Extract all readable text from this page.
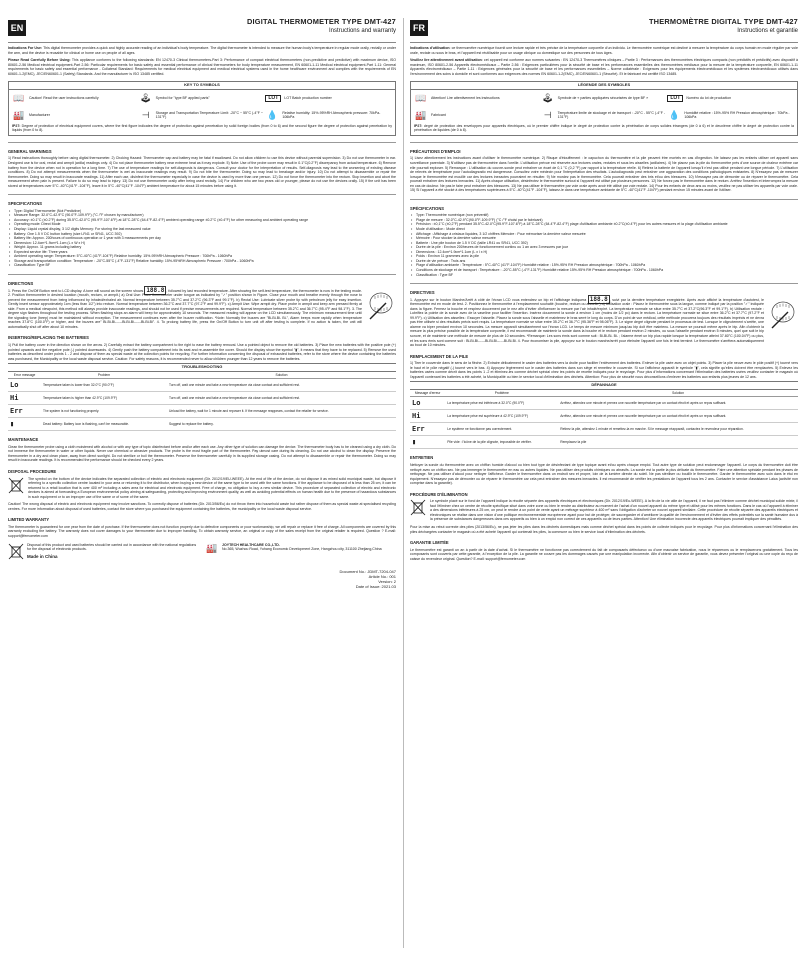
EN
DIGITAL THERMOMETER TYPE DMT-427
Instructions and warranty

Indications For Use: This digital thermometer provides a quick and highly accurate reading of an individual's body temperature. The digital thermometer is intended to measure the human body's temperature in regular mode orally, rectally or under the arm, and the device is reusable for clinical or home use on people of all ages.

Please Read Carefully Before Using: This appliance conforms to the following standards: EN 12470-3 Clinical thermometers-Part 3: Performance of compact electrical thermometers (non-predictive and predictive) with maximum device, ISO 80601-2-56 Medical electrical equipment-Part 2-56: Particular requirements for basic safety and essential performance of clinical thermometers for body temperature measurement, EN 60601-1-11 Medical electrical equipment-Part 1-11: General requirements for basic safety and essential performance - Collateral Standard: Requirements for medical electrical equipment and medical electrical systems used in the home healthcare environment and complies with the requirements of EN 60601-1-2(EMC), JEC/EN60601-1 (Safety) Standards. And the manufacturer is ISO 13485 certified.

KEY TO SYMBOLS
📖	Caution! Read the user instructions carefully	🕹	Symbol for "type BF applied parts"	LOT	LOT Batch production number
🏭	Manufacturer	⊣	Storage and Transportation Temperature Limit: -20°C ~ 55°C (-4°F ~ 131°F)	💧	Relative humidity: 15%-95%RH Atmospheric pressure: 70kPa-106kPa
IP27: Degree of protection of electrical equipment covers, where the first figure indicates the degree of protection against penetration by solid foreign bodies (from 0 to 6) and the second figure the degree of protection against penetration by liquids (from 0 to 8).
GENERAL WARNINGS

1) Read instructions thoroughly before using digital thermometer. 2) Choking Hazard: Thermometer cap and battery may be fatal if swallowed. Do not allow children to use this device without parental supervision. 3) Do not use thermometer in ear. Designed use is for oral, rectal and armpit (axilla) readings only. 4) Do not place thermometer battery near extreme heat as it may explode. 5) Note: Use of the probe cover may result in 0.1°C(0.2°F) discrepancy from actual temperature. 6) Remove battery from the device when not in operation for a long time. 7) The use of temperature readings for self-diagnosis is dangerous. Consult your doctor for the interpretation of results. Self-diagnosis may lead to the worsening of existing disease conditions. 8) Do not attempt measurements when the thermometer is wet as inaccurate readings may result. 9) Do not bite the thermometer. Doing so may lead to breakage and/or injury. 10) Do not attempt to disassemble or repair the thermometer. Doing so may result in inaccurate readings. 11) After each use, disinfect the thermometer especially in case the device is used by more than one person. 12) Do not force the thermometer into the rectum. Stop insertion and abort the measurement when pain is present. Failure to do so may lead to injury. 13) Do not use thermometer orally after being used rectally. 14) For children who are two years old or younger, please do not use the devices orally. 15) If the unit has been stored at temperatures over 5°C -40°C(41°F -104°F), leave it in 5°C -40°C(41°F -104°F) ambient temperature for about 15 minutes before using it.

SPECIFICATIONS
• Type: Digital Thermometer (Not Predictive)
• Measure Range: 32.0°C-42.9°C (90.0°F-109.9°F) (°C /°F chosen by manufacturer)
• Accuracy: ±0.1°C (±0.2°F) during 35.5°C-42.0°C (95.9°F-107.6°F) at 18°C-28°C (64.4°F-82.4°F) ambient operating range ±0.2°C (±0.4°F) for other measuring and ambient operating range
• Operating mode: Direct Mode
• Display: Liquid crystal display, 3 1/2 digits Memory: For storing the last measured value
• Battery: One 1.5 V DC button battery (size LR41 or SR41, UCC 392)
• Battery life: Approx. 200hours of continuous operation or 1 year with 3 measurements per day
• Dimension: 12.4cm*1.9cm*1.1cm (L x W x H)
• Weight: Approx. 11 grams including battery
• Expected service life: Three years
• Ambient operating range: Temperature: 5°C-40°C (41°F-104°F) Relative humidity: 15%-95%RH Atmospheric Pressure : 700hPa - 1060hPa
• Storage and transportation condition: Temperature : -20°C-55°C (-4°F-131°F) Relative humidity: 15%-95%RH Atmospheric Pressure : 700hPa - 1060hPa
• Classification: Type BF
DIRECTIONS

1. Press the On/Off Button next to LCD display. A tone will sound as the screen shows 188.8 , followed by last recorded temperature. After showing the self-test temperature, the thermometer is now in the testing mode. 2. Position thermometer in desired location (mouth, rectum, or armpit.) a) Oral Use: Place thermometer under tongue as indicated by "✓" position shown in Figure. Close your mouth and breathe evenly through the nose to prevent the measurement from being influenced by inhaled/exhaled air. Normal temperature between 35.7°C and 37.2°C (96.3°F and 99.1°F). b) Rectal Use: Lubricate silver probe tip with petroleum jelly for easy insertion. Gently insert sensor approximately 1cm (less than 1/2") into rectum. Normal temperature between 36.2°C and 37.7°C (97.2°F and 99.9°F). c) Armpit Use: Wipe armpit dry. Place probe in armpit and keep arm pressed firmly at side. From a medical viewpoint, this method will always provide inaccurate readings, and should not be used if precise measurements are required. Normal temperature between 35.2°C and 36.7°C (95.4°F and 98.1°F). 3. The degree sign flashes throughout the testing process. When flashing stops an alarm will beep for approximately 10 seconds. The measured reading will appear on the LCD simultaneously. The minimum measurement time until the signaling tone (beep) must be maintained without exception. The measurement continues even after the buzzer notification. *Note: Normally the buzzes are "Bi-Bi-Bi- Bi-", Alarm beeps more rapidly when temperature reaches 37.8°C (100.0°F) or higher, and the buzzes are" Bi-Bi-Bi------Bi-Bi-Bi------Bi-Bi-Bi". 4. To prolong battery life, press the On/Off Button to turn unit off after testing is complete. If no action is taken, the unit will automatically shut off after about 10 minutes.

INSERTING/REPLACING THE BATTERIES

1) Pull the battery cover in the direction shown on the arrow. 2) Carefully extract the battery compartment to the right to ease the battery removal. Use a pointed object to remove the old batteries. 3) Place the new batteries with the positive pole (+) pointed upwards and the negative pole (-) pointed downwards. 4) Gently push the battery compartment into its seat and re-assemble the cover. Should the display show the symbol "▮", it means that they have to be replaced. 5) Remove the used batteries as described under points 1 - 2 and dispose of them as special waste at the collection points for recycling. For further information concerning the disposal of exhausted batteries, refer to the store where the device containing the batteries was purchased, the Municipality or the local waste disposal service. Caution: For safety reasons, it is recommended never to allow children younger than 12 years to remove the batteries.

TROUBLESHOOTING
Error message	Problem	Solution
Lo	Temperature taken is lower than 32.0°C (90.0°F)	Turn off, wait one minute and take a new temperature via close contact and sufficient rest.
Hi	Temperature taken is higher than 42.9°C (109.9°F)	Turn off, wait one minute and take a new temperature via close contact and sufficient rest.
Err	The system is not functioning properly.	Unload the battery, wait for 1 minute and repower it. If the message reappears, contact the retailer for service.
▮	Dead battery: Battery icon is flashing, can't be measurable.	Suggest to replace the battery.
MAINTENANCE

Clean the thermometer probe using a cloth moistened with alcohol or with any type of topic disinfectant before and/or after each use. Any other type of solution can damage the device. The thermometer body has to be cleaned using a dry cloth. Do not immerse the thermometer in water or other liquids. Never use chemical or abrasive products. The probe is the most fragile part of the thermometer. Pay utmost care during its cleaning. Do not use alcohol to clean the display. Preserve the thermometer in a dry and clean place, away from direct sunlight. Do not sterilize or boil the thermometer. Preserve the thermometer carefully in its supplied storage casing. Do not attempt to disassemble or repair the thermometer. Doing so may result in inaccurate readings. It is recommended the performance should be checked every 2 years.

DISPOSAL PROCEDURE

The symbol on the bottom of the device indicates the separated collection of electric and electronic equipment (Dir. 2012/19/EU-WEEE). At the end of life of the device, do not dispose it as mixed solid municipal waste, but dispose it referring to a specific collection centre located in your area or returning it to the distributor, when buying a new device of the same type to be used with the same functions. If the appliance to be disposed of is less than 25 cm, it can be returned to a retail location that is over 400 m² including a sales area for electrical and electronic equipment. Free of charge, no obligation to buy a new similar device. This procedure of separated collection of electric and electronic devices is aimed at forecasting a European environmental policy aiming at safeguarding, protecting and improving environment quality, as well as avoiding potential effects on human health due to the presence of hazardous substances in such equipment or to an improper use of the same or of some of the same.

Caution! The wrong disposal of electric and electronic equipment may involve sanctions. To correctly dispose of batteries (Dir. 2013/56/Eu) do not throw them into household waste but rather dispose of them as special waste at specialised recycling centres. For more information about disposal of used batteries, contact the store where you purchased the equipment containing the batteries, the municipality or the local waste disposal service.

LIMITED WARRANTY

The thermometer is guaranteed for one year from the date of purchase. If the thermometer does not function properly due to defective components or poor workmanship, we will repair or replace it free of charge. All components are covered by this warranty excluding the battery. The warranty does not cover damages to your thermometer due to improper handling. To obtain warranty service, an original or copy of the sales receipt from the original retailer is required. Question ? E-mail: support@femometer.com

Disposal of this product and used batteries should be carried out in accordance with the national regulations for the disposal of electronic products.
Made in China
🏭	JOYTECH HEALTHCARE CO.,LTD.
No.365, Wuzhou Road, Yuhang Economic Development Zone, Hangzhou city, 311100 Zhejiang,China
Document No.: JDMT-7204-047
Article No.: 001
Version: 2
Date of Issue: 2021.03
FR
THERMOMÈTRE DIGITAL TYPE DMT-427
Instructions et garantie

Indications d'utilisation: ce thermomètre numérique fournit une lecture rapide et très précise de la température corporelle d'un individu. Le thermomètre numérique est destiné à mesurer la température du corps humain en mode régulier par voie orale, rectale ou sous le bras, et l'appareil est réutilisable pour un usage clinique ou domestique sur des personnes de tous âges.

Veuillez lire attentivement avant utilisation: cet appareil est conforme aux normes suivantes : EN 12470-3 Thermomètres cliniques – Partie 3 : Performances des thermomètres électriques compacts (non prédictifs et prédictifs) avec dispositif à maximum, ISO 80601-2-56 Appareils électromédicaux – Partie 2-56 : Exigences particulières pour la sécurité de base et les performances essentielles des thermomètres médicaux pour la mesure de la température corporelle, EN 60601-1-11 Appareils électromédicaux – Partie 1-11 : Exigences générales pour la sécurité de base et les performances essentielles – Norme collatérale : Exigences pour les équipements électromédicaux et les systèmes électromédicaux utilisés dans l'environnement des soins à domicile et sont conformes aux exigences des normes EN 60601-1-2(EMC), JEC/EN60601-1 (Sécurité). Et le fabricant est certifié ISO 13485.

LÉGENDE DES SYMBOLES
📖	Attention! Lire attentivement les instructions	🕹	Symbole de « parties appliquées sécurisées de type BF »	LOT	Numéro du lot de production
🏭	Fabricant	⊣	Température limite de stockage et de transport : -20°C - 55°C (-4°F - 131°F)	💧	Humidité relative : 15%-95% RH Pression atmosphérique : 70kPa - 106kPa
IP27: degré de protection des enveloppes pour appareils électriques, où le premier chiffre indique le degré de protection contre la pénétration de corps solides étrangers (de 0 à 6) et le deuxième chiffre le degré de protection contre la pénétration de liquides (de 0 à 8).
PRÉCAUTIONS D'EMPLOI

1) Lisez attentivement les instructions avant d'utiliser le thermomètre numérique. 2) Risque d'étouffement : le capuchon du thermomètre et la pile peuvent être mortels en cas d'ingestion. Ne laissez pas les enfants utiliser cet appareil sans surveillance parentale. 3) N'utilisez pas de thermomètre dans l'oreille. L'utilisation prévue est réservée aux lectures orales, rectales et sous les aisselles (axillaires). 4) Ne placez pas la pile du thermomètre près d'une source de chaleur extrême car elle pourrait exploser. 5) Remarque : L'utilisation du couvre-sonde peut entraîner un écart de 0,1 °C (0,2 °F) par rapport à la température réelle. 6) Retirez la batterie de l'appareil lorsqu'il n'est pas utilisé pendant une longue période. 7) L'utilisation de relevés de température pour l'autodiagnostic est dangereuse. Consultez votre médecin pour l'interprétation des résultats. L'autodiagnostic peut entraîner une aggravation des conditions pathologiques existantes. 8) N'essayez pas de mesurer lorsque le thermomètre est mouillé car des lectures inexactes pourraient en résulter. 9) Ne mordez pas le thermomètre. Cela pourrait entraîner des bris et/ou des blessures. 10) N'essayez pas de démonter ou de réparer le thermomètre. Cela pourrait entraîner des lectures inexactes. 11) Après chaque utilisation, désinfectez le thermomètre surtout si l'appareil est utilisé par plusieurs personnes. 12) Ne forcez pas le thermomètre dans le rectum. Arrêtez l'insertion et interrompez la mesure en cas de douleur. Ne pas le faire peut entraîner des blessures. 13) Ne pas utiliser le thermomètre par voie orale après avoir été utilisé par voie rectale. 14) Pour les enfants de deux ans ou moins, veuillez ne pas utiliser les appareils par voie orale. 15) Si l'appareil a été stocké à des températures supérieures à 5°C -40°C(41°F -104°F), laissez-le dans une température ambiante de 5°C -40°C(41°F -104°F) pendant environ 15 minutes avant de l'utiliser.

SPÉCIFICATIONS
• Type: Thermomètre numérique (non préventif)
• Plage de mesure : 32.0°C-42.9°C(90.0°F-109.9°F) (°C /°F choisi par le fabricant)
• Précision : ±0,1°C (±0,2°F) pendant 35.5°C-42.0°C(95.9°F-107.6°F) à 18°C-28°C (64.4°F-82.4°F) plage d'utilisation ambiante ±0.2°C(±0.4°F) pour les autres mesures et la plage d'utilisation ambiante
• Mode d'utilisation : Mode direct
• Affichage : Affichage à cristaux liquides, 3 1/2 chiffres Mémoire : Pour mémoriser la dernière valeur mesurée
• Mémoire : Pour stocker la dernière valeur mesurée
• Batterie : Une pile bouton de 1.5 V DC (taille LR41 ou SR41, UCC 392)
• Durée de la pile : Environ 200heures de fonctionnement continu ou 1 an avec 3 mesures par jour
• Dimensions : 12.4cm*1.9cm*1.1cm (L x l x H)
• Poids : Environ 11 grammes avec la pile
• Durée de vie prévue : Trois ans
• Plage d'utilisation ambiante : Température : 5°C-40°C (41°F-104°F) Humidité relative : 15%-95% RH Pression atmosphérique : 700hPa - 1060hPa
• Conditions de stockage et de transport : Température : -20°C-55°C (-4°F-131°F) Humidité relative 15%-95% RH Pression atmosphérique : 700hPa - 1060hPa
• Classification : Type BF
DIRECTIVES

1. Appuyez sur le bouton Marche/Arrêt à côté de l'écran LCD vous entendrez un bip et l'affichage indiquera 188.8 , suivi par la dernière température enregistrée. Après avoir affiché la température d'autotest, le thermomètre est en mode de test. 2. Positionnez le thermomètre à l'emplacement souhaité (bouche, rectum ou aisselle.) a) Utilisation orale : Placez le thermomètre sous la langue, comme indiqué par la position "✓" indiquée dans la figure. Fermez la bouche et respirez doucement par le nez afin d'éviter d'influencer la mesure par l'air inhalé/expiré. La température normale se situe entre 35.7°C et 37.2°C(96.3°F et 99.1°F). b) Utilisation rectale : Lubrifiez la pointe de la sonde avec de la vaseline pour faciliter l'insertion. Insérez doucement la sonde à environ 1 cm (moins de 1/2 po) dans le rectum. La température normale se situe entre 36.2°C et 37.7°C (97.2°F et 99.9°F). c) Utilisation des aisselles : Essuyer l'aisselle. Placez la sonde sous l'aisselle et maintenez le bras serré le long du corps. D'un point de vue médical, cette méthode procurera toujours des résultats imprécis et ne devra pas être utilisée si des résultats précis sont requis. La température normale se situe entre 35.2°C et 36.7°C (95.36°F et 98.06°F). 3. Le signe degré clignote pendant le processus de test. Lorsque le clignotement s'arrête, une alarme va biper pendant environ 10 secondes. La mesure apparaît simultanément sur l'écran LCD. Le temps de mesure minimum jusqu'au bip doit être maintenu. La mesure se poursuit même après le bip. Afin d'obtenir la mesure la plus précise possible de la température corporelle, il est recommandé de maintenir la sonde dans la bouche et le rectum pendant environ 2 minutes, ou sous l'aisselle pendant environ 5 minutes, quel que soit le bip sonore, et de maintenir une méthode de mesure de plus de 10 secondes. *Remarque: Les sons émis sont comme suit : Bi-Bi-Bi- Bi- ; l'alarme émet un bip plus rapide lorsque la température atteint 37.80°C (100.04°F) ou plus, et les sons émis sont comme suit : Bi-Bi-Bi------Bi-Bi-Bi------Bi-Bi-Bi. 4. Pour économiser la pile, appuyez sur le bouton marche/arrêt pour éteindre l'appareil une fois le test terminé. Le thermomètre s'arrêtera automatiquement au bout de 10 minutes.

REMPLACEMENT DE LA PILE

1) Tirer le couvercle dans le sens de la flèche. 2) Extraire délicatement le casier des batteries vers la droite pour faciliter l'enlèvement des batteries. Enlever la pile usée avec un objet pointu. 3) Placer la pile neuve avec le pôle positif (+) tourné vers le haut et le pôle négatif (-) tourné vers le bas. 4) Appuyez légèrement sur le casier des batteries dans son siège et remettez le couvercle. Si sur l'afficheur apparaît le symbole "▮", cela signifie qu'elles doivent être remplacées. 5) Enlevez les batteries usées comme décrit dans les points 1 -2 et éliminez-les comme déchet spécial chez les points de recette indiqués pour le recyclage. Pour plus d'informations concernant l'élimination des batteries usées veuillez contacter le magasin où l'appareil contenant les batteries a été acheté, la Municipalité ou bien le service local d'élimination des déchets. Attention: Pour plus de sécurité nous déconseillons d'enlever les batteries aux enfants plus jeunes de 12 ans.

DÉPANNAGE
Message d'erreur	Problème	Solution
Lo	La température prise est inférieure à 32.0°C (90.0°F)	Arrêtez, attendez une minute et prenez une nouvelle température par un contact étroit et après un repos suffisant.
Hi	La température prise est supérieure à 42.9°C (109.9°F)	Arrêtez, attendez une minute et prenez une nouvelle température par un contact étroit et après un repos suffisant.
Err	Le système ne fonctionne pas correctement.	Retirez la pile, attendez 1 minute et remettez-la en marche. Si le message réapparaît, contactez le revendeur pour réparation.
▮	Pile vide : l'icône de la pile clignote, impossible de vérifier.	Remplacez la pile
ENTRETIEN

Nettoyer la sonde du thermomètre avec un chiffon humide d'alcool ou bien tout type de désinfectant de type topique avant et/ou après chaque emploi. Tout autre type de solution peut endommager l'appareil. Le corps du thermomètre doit être nettoyé avec un chiffon sec. Ne pas immerger le thermomètre en eau ou autres liquides. Ne pas utiliser des produits chimiques ou abrasifs. La sonde est la partie la plus délicate du thermomètre. Faire une attention spéciale pendant les phases de nettoyage. Ne pas utiliser d'alcool pour nettoyer l'afficheur. Garder le thermomètre dans un endroit sec et propre, loin de la lumière directe du soleil. Ne pas stériliser ou bouillir le thermomètre. Garder le thermomètre avec soin dans le étui en équipement. N'essayez pas de démonter ou de réparer le thermomètre car cela peut entraîner des mesures inexactes. Il est recommandé de vérifier les prestations de l'appareil tous les 2 ans. Contacter le service d'assistance Laica (activité non comprise dans la garantie).

PROCÉDURE D'ÉLIMINATION

Le symbole placé sur le fond de l'appareil indique la récolte séparée des appareils électriques et électroniques (Dir. 2012/19/Eu-WEEE). A la fin de la vie utile de l'appareil, il ne faut pas l'éliminer comme déchet municipal solide mixte, il faut l'éliminer chez un centre de récolte spécifique situé dans votre zone ou bien le rendre au distributeur au moment de l'achat d'un nouvel appareil du même type et utilisé pour les mêmes fonctions. Dans le cas où l'appareil à éliminer a des dimensions inférieures à 25 cm, on peut le rendre à un point de vente ayant un métrage supérieur à 400 m² sans l'obligation d'acheter un nouvel appareil similaire. Cette procédure de récolte séparée des appareils électriques et électroniques se réalise dans une vision d'une politique environnementale européenne ayant pour but de protéger, de sauvegarder et d'améliorer la qualité de l'environnement et d'éviter des effets potentiels sur la santé humaine dus à la présence de substances dangereuses dans ces appareils ou bien à un emploi non correct de ces appareils ou de leurs parties. Attention! Une élimination incorrecte des appareils électriques pourrait impliquer des pénalités.

Pour la mise au rebut correcte des piles (2013/56/Eu), ne pas jeter les piles dans les déchets domestiques mais comme déchet spécial dans les points de collecte indiqués pour le recyclage. Pour plus d'informations concernant l'élimination des piles déchargées contacter le magasin où a été acheté l'appareil qui contenait les piles, la commune ou bien le service local d'élimination des déchets.

GARANTIE LIMITÉE

Le thermomètre est garanti un an à partir de la date d'achat. Si le thermomètre ne fonctionne pas correctement du fait de composants défectueux ou d'une mauvaise fabrication, nous le réparerons ou le remplacerons gratuitement. Tous les composants sont couverts par cette garantie, à l'exception de la pile. La garantie ne couvre pas les dommages causés par une manipulation incorrecte. Afin d'obtenir un service de garantie, vous devez présenter l'original ou une copie du reçu de caisse du revendeur original. Question? E-mail: support@femometer.com
